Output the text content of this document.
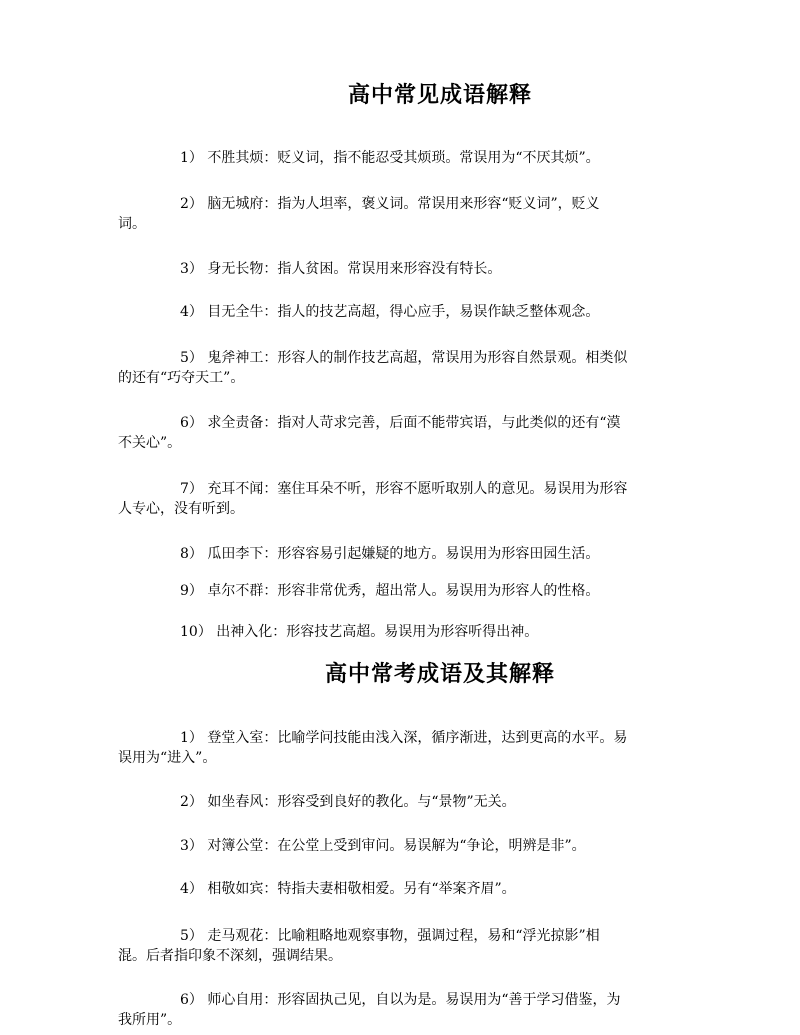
高中常见成语解释

1） 不胜其烦：贬义词，指不能忍受其烦琐。常误用为“不厌其烦”。

2） 脑无城府：指为人坦率，褒义词。常误用来形容“贬义词”，贬义
词。

3） 身无长物：指人贫困。常误用来形容没有特长。

4） 目无全牛：指人的技艺高超，得心应手，易误作缺乏整体观念。

5） 鬼斧神工：形容人的制作技艺高超，常误用为形容自然景观。相类似
的还有“巧夺天工”。

6） 求全责备：指对人苛求完善，后面不能带宾语，与此类似的还有“漠
不关心”。

7） 充耳不闻：塞住耳朵不听，形容不愿听取别人的意见。易误用为形容
人专心，没有听到。

8） 瓜田李下：形容容易引起嫌疑的地方。易误用为形容田园生活。

9） 卓尔不群：形容非常优秀，超出常人。易误用为形容人的性格。

10） 出神入化：形容技艺高超。易误用为形容听得出神。

高中常考成语及其解释

1） 登堂入室：比喻学问技能由浅入深，循序渐进，达到更高的水平。易
误用为“进入”。

2） 如坐春风：形容受到良好的教化。与“景物”无关。

3） 对簿公堂：在公堂上受到审问。易误解为“争论，明辨是非”。

4） 相敬如宾：特指夫妻相敬相爱。另有“举案齐眉”。

5） 走马观花：比喻粗略地观察事物，强调过程，易和“浮光掠影”相
混。后者指印象不深刻，强调结果。

6） 师心自用：形容固执己见，自以为是。易误用为“善于学习借鉴，为
我所用”。
